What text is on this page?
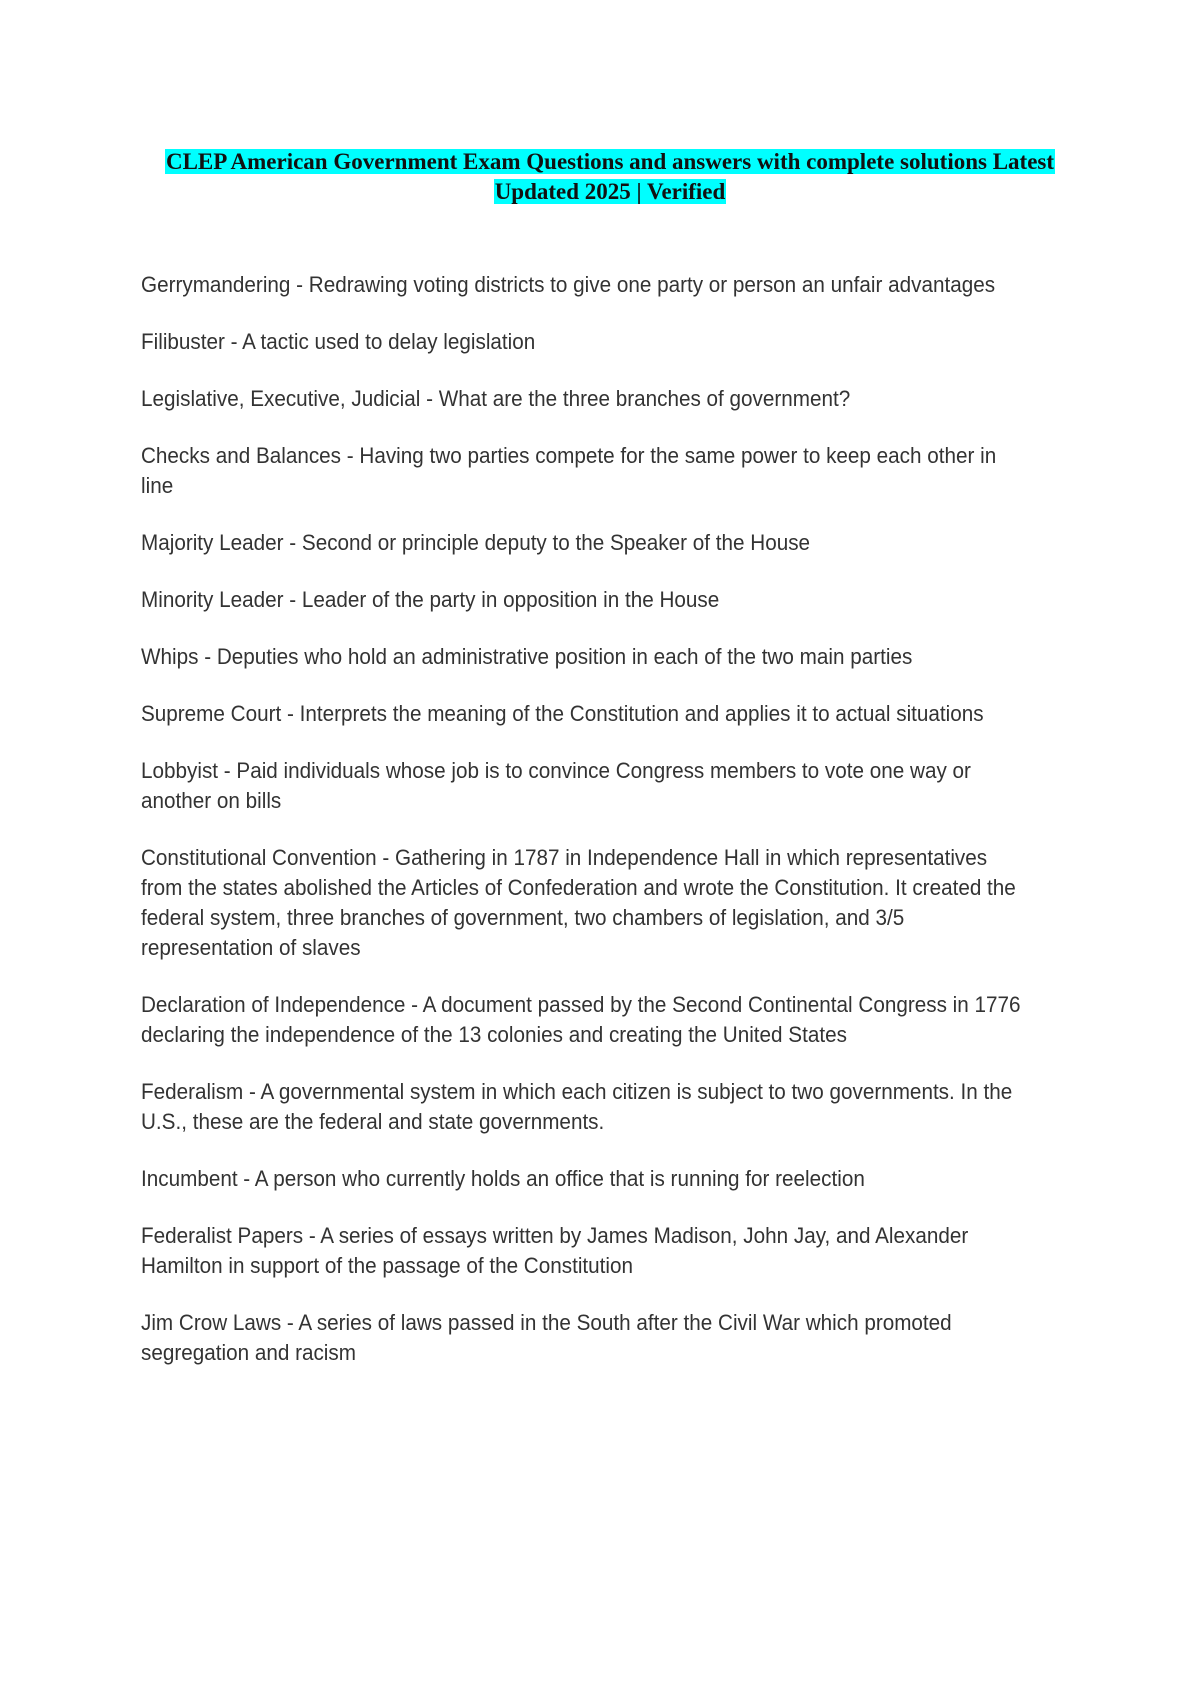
CLEP American Government Exam Questions and answers with complete solutions Latest
Updated 2025 | Verified
Gerrymandering - Redrawing voting districts to give one party or person an unfair advantages
Filibuster - A tactic used to delay legislation
Legislative, Executive, Judicial - What are the three branches of government?
Checks and Balances - Having two parties compete for the same power to keep each other in line
Majority Leader - Second or principle deputy to the Speaker of the House
Minority Leader - Leader of the party in opposition in the House
Whips - Deputies who hold an administrative position in each of the two main parties
Supreme Court - Interprets the meaning of the Constitution and applies it to actual situations
Lobbyist - Paid individuals whose job is to convince Congress members to vote one way or another on bills
Constitutional Convention - Gathering in 1787 in Independence Hall in which representatives from the states abolished the Articles of Confederation and wrote the Constitution. It created the federal system, three branches of government, two chambers of legislation, and 3/5 representation of slaves
Declaration of Independence - A document passed by the Second Continental Congress in 1776 declaring the independence of the 13 colonies and creating the United States
Federalism - A governmental system in which each citizen is subject to two governments. In the U.S., these are the federal and state governments.
Incumbent - A person who currently holds an office that is running for reelection
Federalist Papers - A series of essays written by James Madison, John Jay, and Alexander Hamilton in support of the passage of the Constitution
Jim Crow Laws - A series of laws passed in the South after the Civil War which promoted segregation and racism
